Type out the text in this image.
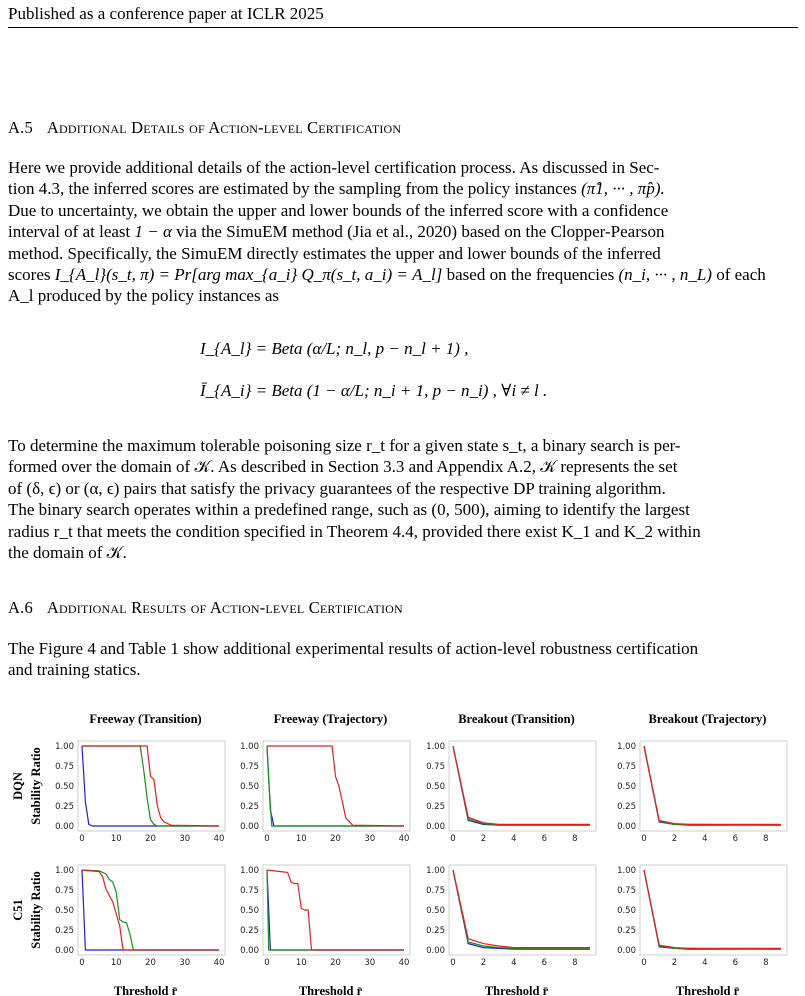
Published as a conference paper at ICLR 2025
A.5 Additional Details of Action-level Certification

Here we provide additional details of the action-level certification process. As discussed in Sec-

tion 4.3, the inferred scores are estimated by the sampling from the policy instances (π̂1, ··· , π̂p).

Due to uncertainty, we obtain the upper and lower bounds of the inferred score with a confidence

interval of at least 1 − α via the SimuEM method (Jia et al., 2020) based on the Clopper-Pearson

method. Specifically, the SimuEM directly estimates the upper and lower bounds of the inferred

scores I_{A_l}(s_t, π) = Pr[arg max_{a_i} Q_π(s_t, a_i) = A_l] based on the frequencies (n_i, ··· , n_L) of each

A_l produced by the policy instances as

I_{A_l} = Beta (α/L; n_l, p − n_l + 1) ,
Ī_{A_i} = Beta (1 − α/L; n_i + 1, p − n_i) , ∀i ≠ l .

To determine the maximum tolerable poisoning size r_t for a given state s_t, a binary search is per-

formed over the domain of 𝒦. As described in Section 3.3 and Appendix A.2, 𝒦 represents the set

of (δ, ϵ) or (α, ϵ) pairs that satisfy the privacy guarantees of the respective DP training algorithm.

The binary search operates within a predefined range, such as (0, 500), aiming to identify the largest

radius r_t that meets the condition specified in Theorem 4.4, provided there exist K_1 and K_2 within

the domain of 𝒦.

A.6 Additional Results of Action-level Certification

The Figure 4 and Table 1 show additional experimental results of action-level robustness certification

and training statics.

Freeway (Transition)	Freeway (Trajectory)	Breakout (Transition)	Breakout (Trajectory)
DQN Stability Ratio
C51 Stability Ratio
Threshold r̄	Threshold r̄	Threshold r̄	Threshold r̄
0.00
0.25
0.50
0.75
1.00
0	10	20	30	40
0.00
0.25
0.50
0.75
1.00
0	10	20	30	40
0.00
0.25
0.50
0.75
1.00
0	2	4	6	8
0.00
0.25
0.50
0.75
1.00
0	2	4	6	8
0.00
0.25
0.50
0.75
1.00
0	10	20	30	40
0.00
0.25
0.50
0.75
1.00
0	10	20	30	40
0.00
0.25
0.50
0.75
1.00
0	2	4	6	8
0.00
0.25
0.50
0.75
1.00
0	2	4	6	8
